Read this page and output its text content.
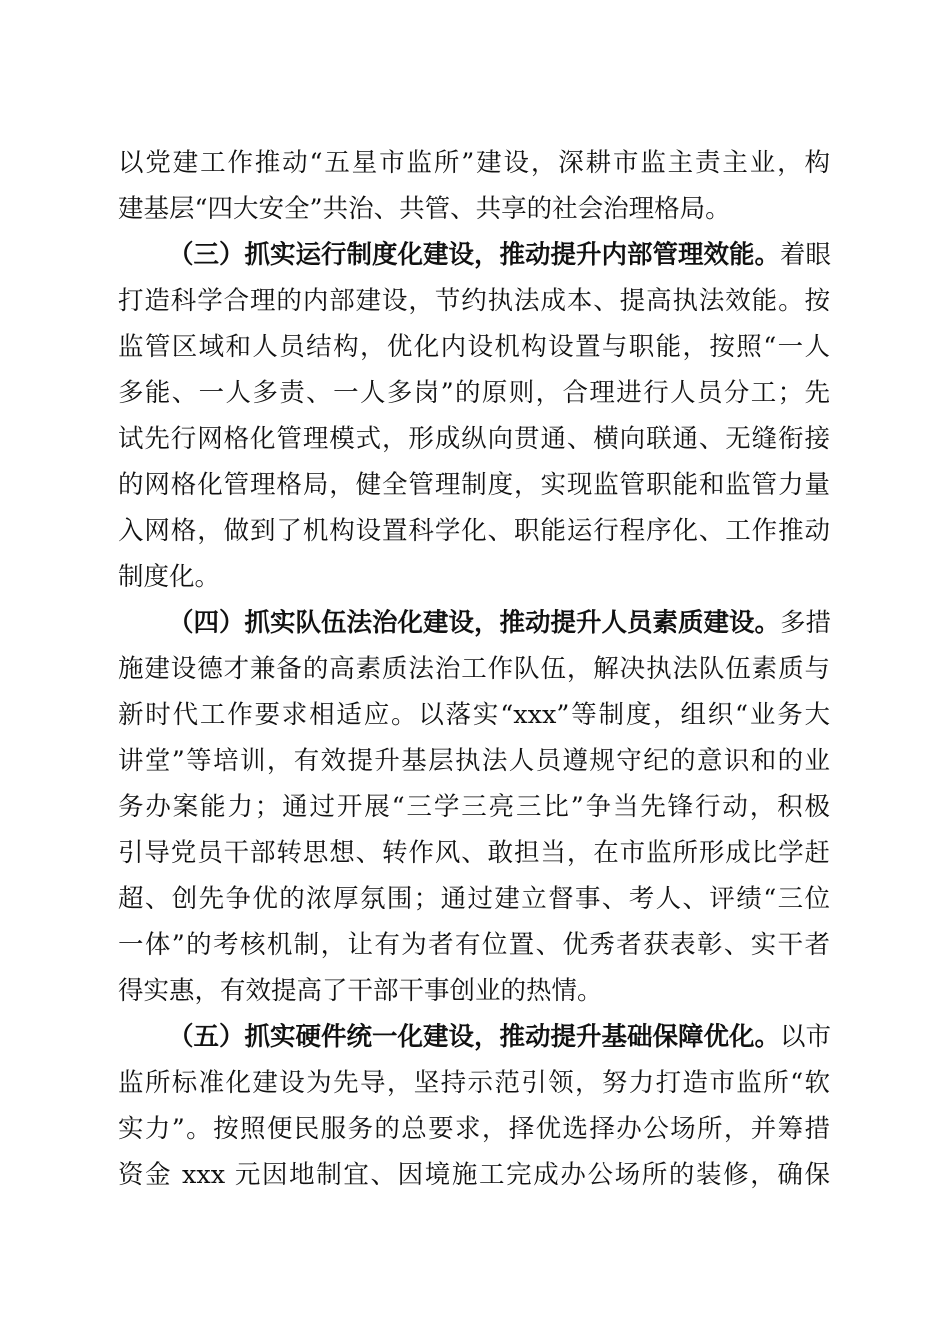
以党建工作推动“五星市监所”建设，深耕市监主责主业，构
建基层“四大安全”共治、共管、共享的社会治理格局。
（三）抓实运行制度化建设，推动提升内部管理效能。着眼
打造科学合理的内部建设，节约执法成本、提高执法效能。按
监管区域和人员结构，优化内设机构设置与职能，按照“一人
多能、一人多责、一人多岗”的原则，合理进行人员分工；先
试先行网格化管理模式，形成纵向贯通、横向联通、无缝衔接
的网格化管理格局，健全管理制度，实现监管职能和监管力量
入网格，做到了机构设置科学化、职能运行程序化、工作推动
制度化。
（四）抓实队伍法治化建设，推动提升人员素质建设。多措
施建设德才兼备的高素质法治工作队伍，解决执法队伍素质与
新时代工作要求相适应。以落实“xxx”等制度，组织“业务大
讲堂”等培训，有效提升基层执法人员遵规守纪的意识和的业
务办案能力；通过开展“三学三亮三比”争当先锋行动，积极
引导党员干部转思想、转作风、敢担当，在市监所形成比学赶
超、创先争优的浓厚氛围；通过建立督事、考人、评绩“三位
一体”的考核机制，让有为者有位置、优秀者获表彰、实干者
得实惠，有效提高了干部干事创业的热情。
（五）抓实硬件统一化建设，推动提升基础保障优化。以市
监所标准化建设为先导，坚持示范引领，努力打造市监所“软
实力”。按照便民服务的总要求，择优选择办公场所，并筹措
资金 xxx 元因地制宜、因境施工完成办公场所的装修，确保
